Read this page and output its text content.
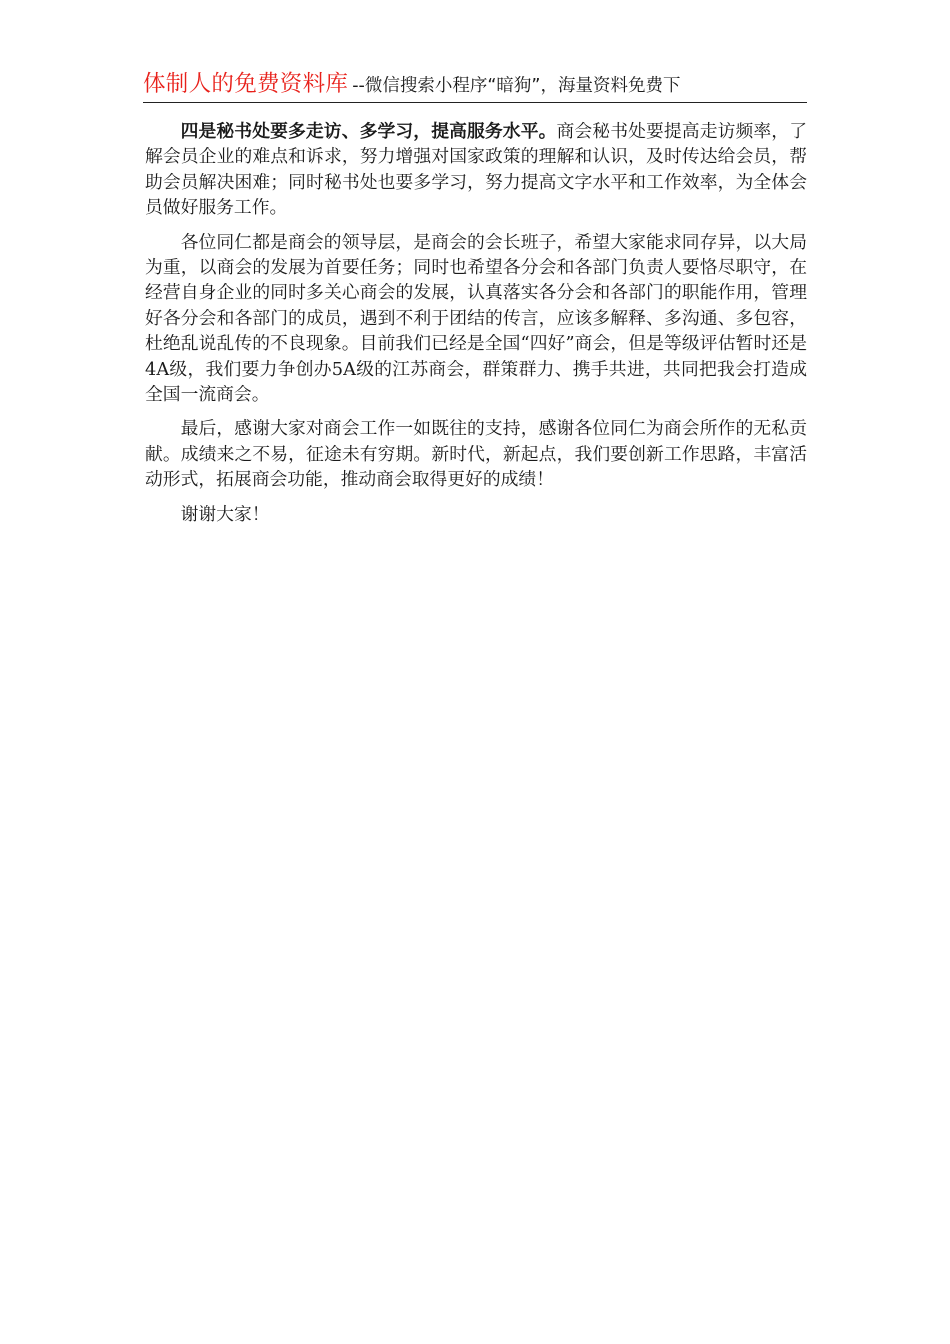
体制人的免费资料库 --微信搜索小程序“暗狗”，海量资料免费下

四是秘书处要多走访、多学习，提高服务水平。商会秘书处要提高走访频率，了解会员企业的难点和诉求，努力增强对国家政策的理解和认识，及时传达给会员，帮助会员解决困难；同时秘书处也要多学习，努力提高文字水平和工作效率，为全体会员做好服务工作。

各位同仁都是商会的领导层，是商会的会长班子，希望大家能求同存异，以大局为重，以商会的发展为首要任务；同时也希望各分会和各部门负责人要恪尽职守，在经营自身企业的同时多关心商会的发展，认真落实各分会和各部门的职能作用，管理好各分会和各部门的成员，遇到不利于团结的传言，应该多解释、多沟通、多包容，杜绝乱说乱传的不良现象。目前我们已经是全国“四好”商会，但是等级评估暂时还是4A级，我们要力争创办5A级的江苏商会，群策群力、携手共进，共同把我会打造成全国一流商会。

最后，感谢大家对商会工作一如既往的支持，感谢各位同仁为商会所作的无私贡献。成绩来之不易，征途未有穷期。新时代，新起点，我们要创新工作思路，丰富活动形式，拓展商会功能，推动商会取得更好的成绩！

谢谢大家！
